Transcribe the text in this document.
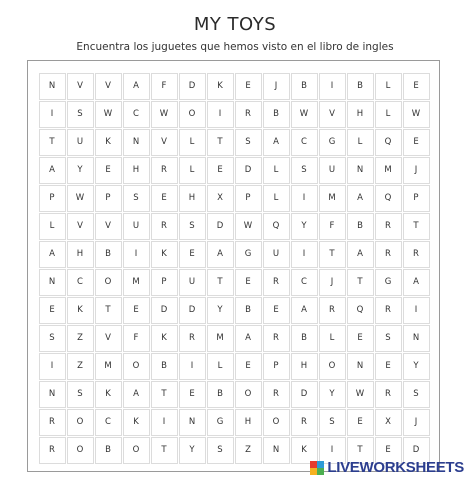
MY TOYS
Encuentra los juguetes que hemos visto en el libro de ingles
N	V	V	A	F	D	K	E	J	B	I	B	L	E
I	S	W	C	W	O	I	R	B	W	V	H	L	W
T	U	K	N	V	L	T	S	A	C	G	L	Q	E
A	Y	E	H	R	L	E	D	L	S	U	N	M	J
P	W	P	S	E	H	X	P	L	I	M	A	Q	P
L	V	V	U	R	S	D	W	Q	Y	F	B	R	T
A	H	B	I	K	E	A	G	U	I	T	A	R	R
N	C	O	M	P	U	T	E	R	C	J	T	G	A
E	K	T	E	D	D	Y	B	E	A	R	Q	R	I
S	Z	V	F	K	R	M	A	R	B	L	E	S	N
I	Z	M	O	B	I	L	E	P	H	O	N	E	Y
N	S	K	A	T	E	B	O	R	D	Y	W	R	S
R	O	C	K	I	N	G	H	O	R	S	E	X	J
R	O	B	O	T	Y	S	Z	N	K	I	T	E	D
LIVEWORKSHEETS
